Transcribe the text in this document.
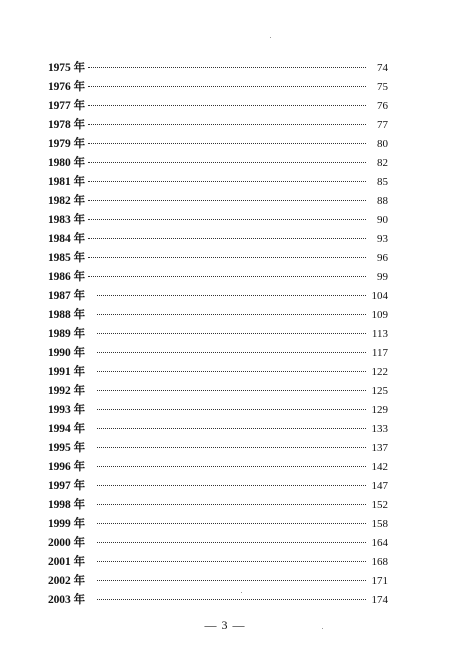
1975 年	74
1976 年	75
1977 年	76
1978 年	77
1979 年	80
1980 年	82
1981 年	85
1982 年	88
1983 年	90
1984 年	93
1985 年	96
1986 年	99
1987 年	104
1988 年	109
1989 年	113
1990 年	117
1991 年	122
1992 年	125
1993 年	129
1994 年	133
1995 年	137
1996 年	142
1997 年	147
1998 年	152
1999 年	158
2000 年	164
2001 年	168
2002 年	171
2003 年	174
— 3 —
